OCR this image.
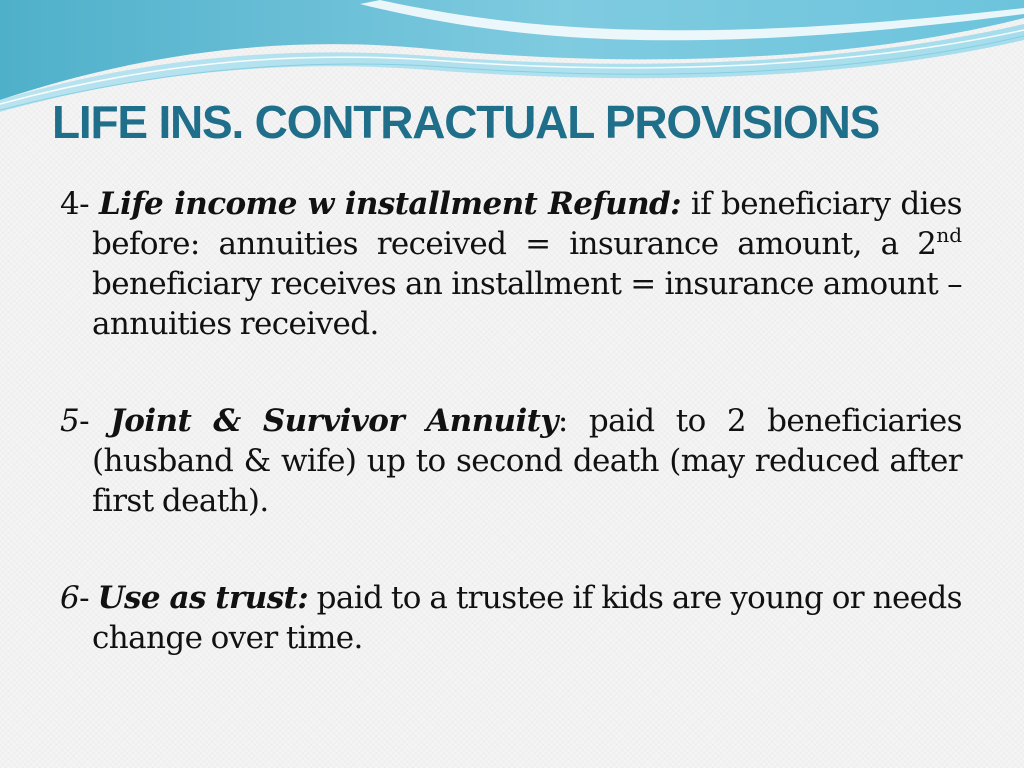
LIFE INS. CONTRACTUAL PROVISIONS

4- Life income w installment Refund: if beneficiary dies before: annuities received = insurance amount, a 2nd beneficiary receives an installment = insurance amount – annuities received.

5- Joint & Survivor Annuity: paid to 2 beneficiaries (husband & wife) up to second death (may reduced after first death).

6- Use as trust: paid to a trustee if kids are young or needs change over time.
